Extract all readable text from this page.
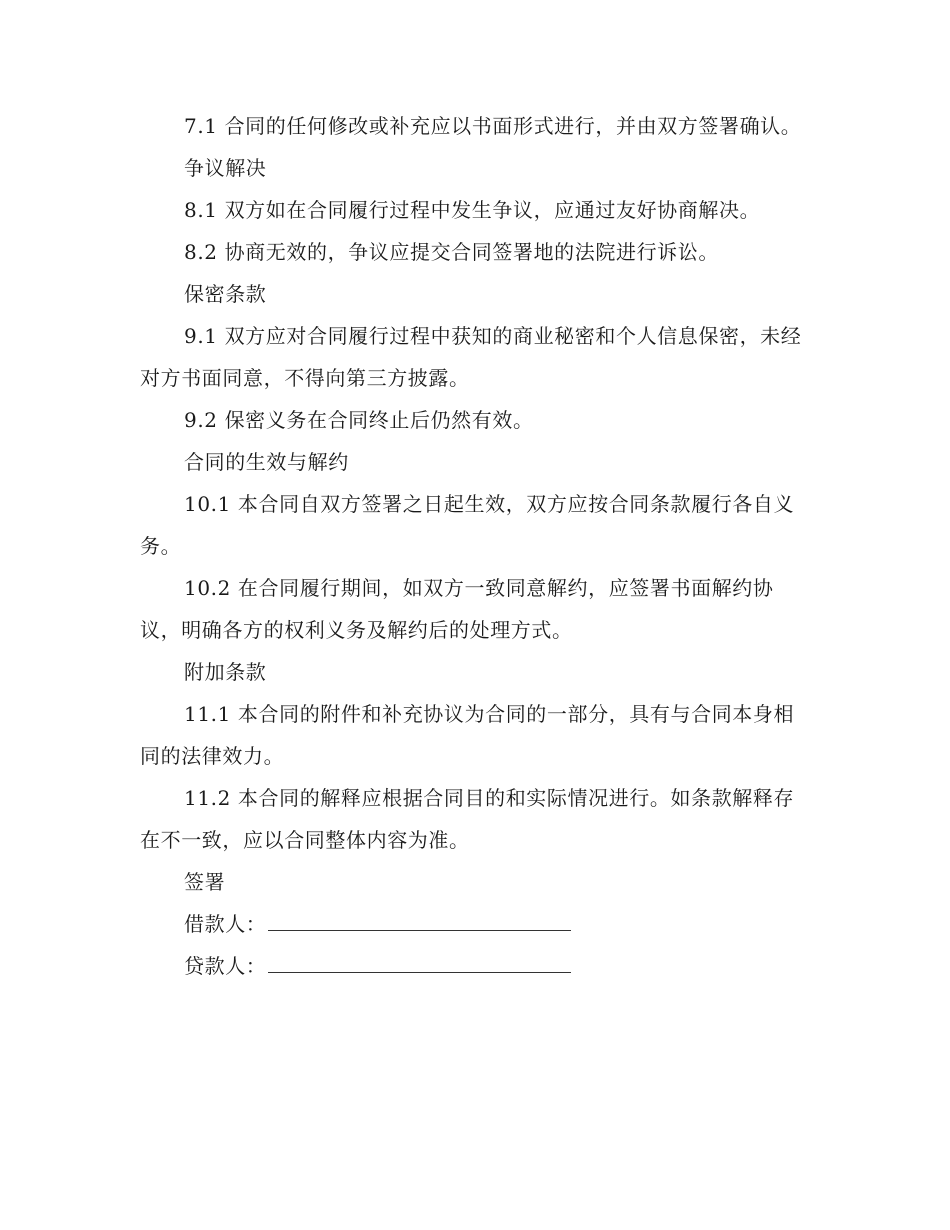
7.1 合同的任何修改或补充应以书面形式进行，并由双方签署确认。

争议解决

8.1 双方如在合同履行过程中发生争议，应通过友好协商解决。

8.2 协商无效的，争议应提交合同签署地的法院进行诉讼。

保密条款

9.1 双方应对合同履行过程中获知的商业秘密和个人信息保密，未经对方书面同意，不得向第三方披露。

9.2 保密义务在合同终止后仍然有效。

合同的生效与解约

10.1 本合同自双方签署之日起生效，双方应按合同条款履行各自义务。

10.2 在合同履行期间，如双方一致同意解约，应签署书面解约协议，明确各方的权利义务及解约后的处理方式。

附加条款

11.1 本合同的附件和补充协议为合同的一部分，具有与合同本身相同的法律效力。

11.2 本合同的解释应根据合同目的和实际情况进行。如条款解释存在不一致，应以合同整体内容为准。

签署

借款人：
贷款人：
